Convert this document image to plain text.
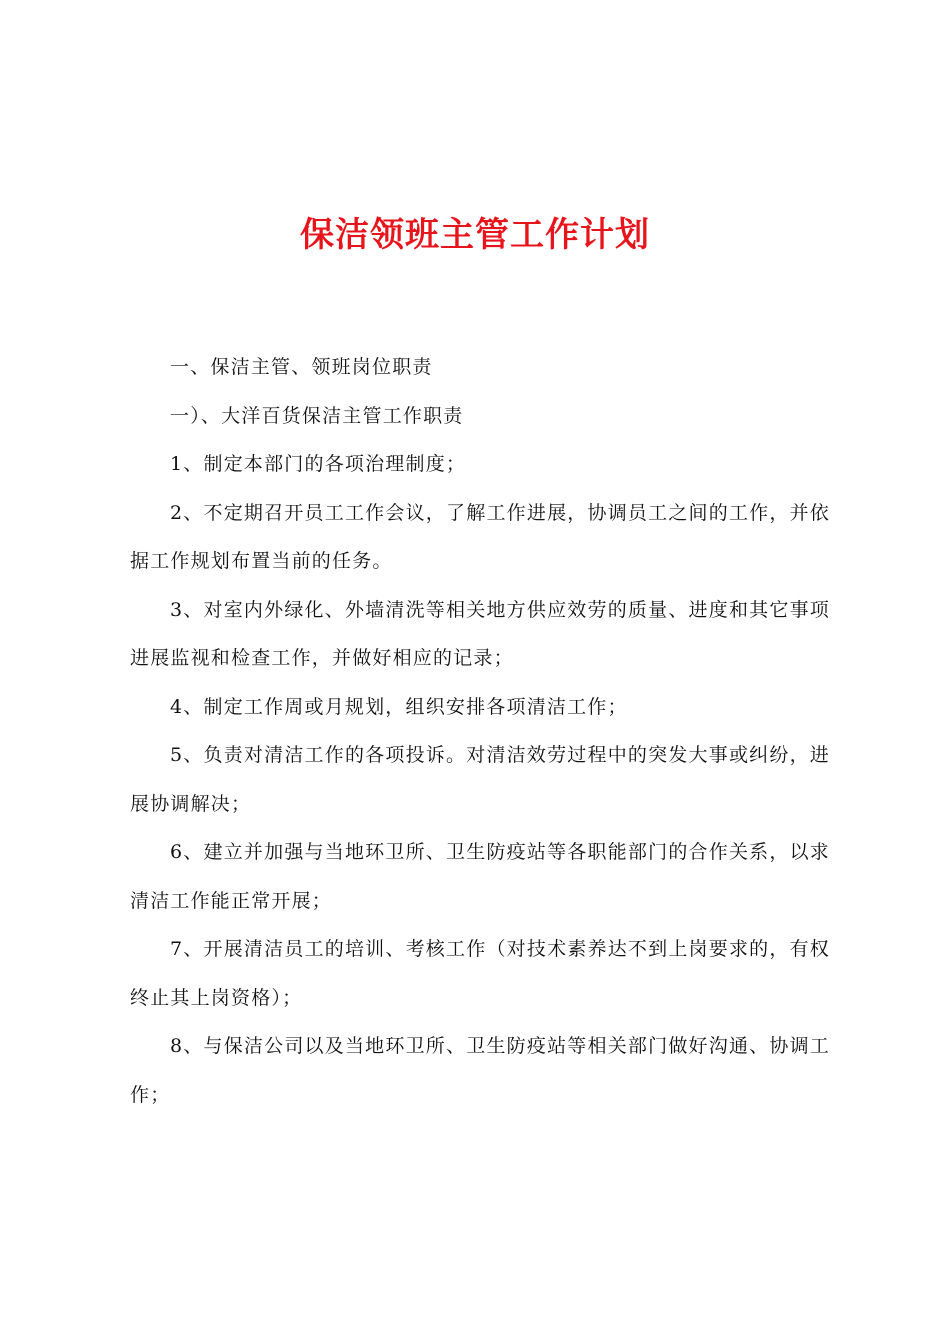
保洁领班主管工作计划

一、保洁主管、领班岗位职责

一）、大洋百货保洁主管工作职责

1、制定本部门的各项治理制度；

2、不定期召开员工工作会议，了解工作进展，协调员工之间的工作，并依据工作规划布置当前的任务。

3、对室内外绿化、外墙清洗等相关地方供应效劳的质量、进度和其它事项进展监视和检查工作，并做好相应的记录；

4、制定工作周或月规划，组织安排各项清洁工作；

5、负责对清洁工作的各项投诉。对清洁效劳过程中的突发大事或纠纷，进展协调解决；

6、建立并加强与当地环卫所、卫生防疫站等各职能部门的合作关系，以求清洁工作能正常开展；

7、开展清洁员工的培训、考核工作（对技术素养达不到上岗要求的，有权终止其上岗资格）；

8、与保洁公司以及当地环卫所、卫生防疫站等相关部门做好沟通、协调工作；
